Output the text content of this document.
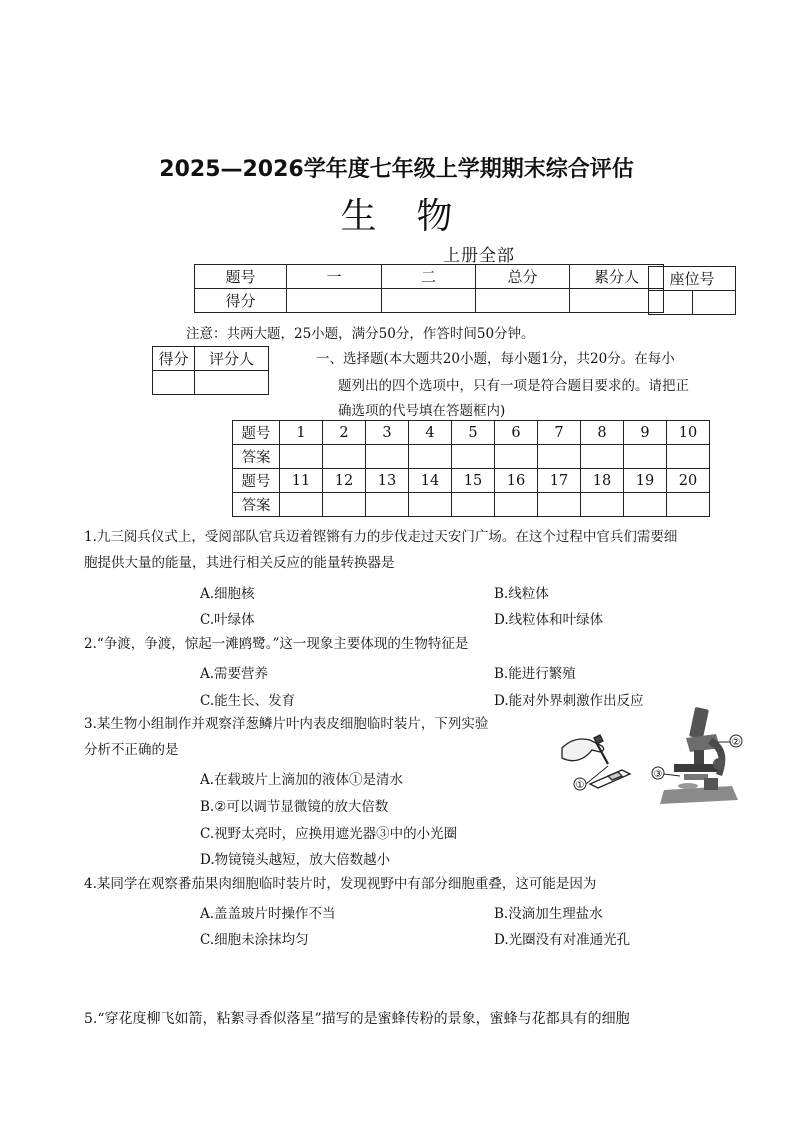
2025—2026学年度七年级上学期期末综合评估
生物
上册全部
题号	一	二	总分	累分人
得分				
座位号

注意：共两大题，25小题，满分50分，作答时间50分钟。
得分	评分人
		一、选择题(本大题共20小题，每小题1分，共20分。在每小
题列出的四个选项中，只有一项是符合题目要求的。请把正
确选项的代号填在答题框内)
题号	1	2	3	4	5	6	7	8	9	10
答案										
题号	11	12	13	14	15	16	17	18	19	20
答案										
1.九三阅兵仪式上，受阅部队官兵迈着铿锵有力的步伐走过天安门广场。在这个过程中官兵们需要细
胞提供大量的能量，其进行相关反应的能量转换器是
A.细胞核	B.线粒体
C.叶绿体	D.线粒体和叶绿体
2.“争渡，争渡，惊起一滩鸥鹭。”这一现象主要体现的生物特征是
A.需要营养	B.能进行繁殖
C.能生长、发育	D.能对外界刺激作出反应
3.某生物小组制作并观察洋葱鳞片叶内表皮细胞临时装片，下列实验
分析不正确的是
A.在载玻片上滴加的液体①是清水
B.②可以调节显微镜的放大倍数
C.视野太亮时，应换用遮光器③中的小光圈
D.物镜镜头越短，放大倍数越小
①
②
③
4.某同学在观察番茄果肉细胞临时装片时，发现视野中有部分细胞重叠，这可能是因为
A.盖盖玻片时操作不当	B.没滴加生理盐水
C.细胞未涂抹均匀	D.光圈没有对准通光孔
5.“穿花度柳飞如箭，粘絮寻香似落星”描写的是蜜蜂传粉的景象，蜜蜂与花都具有的细胞
